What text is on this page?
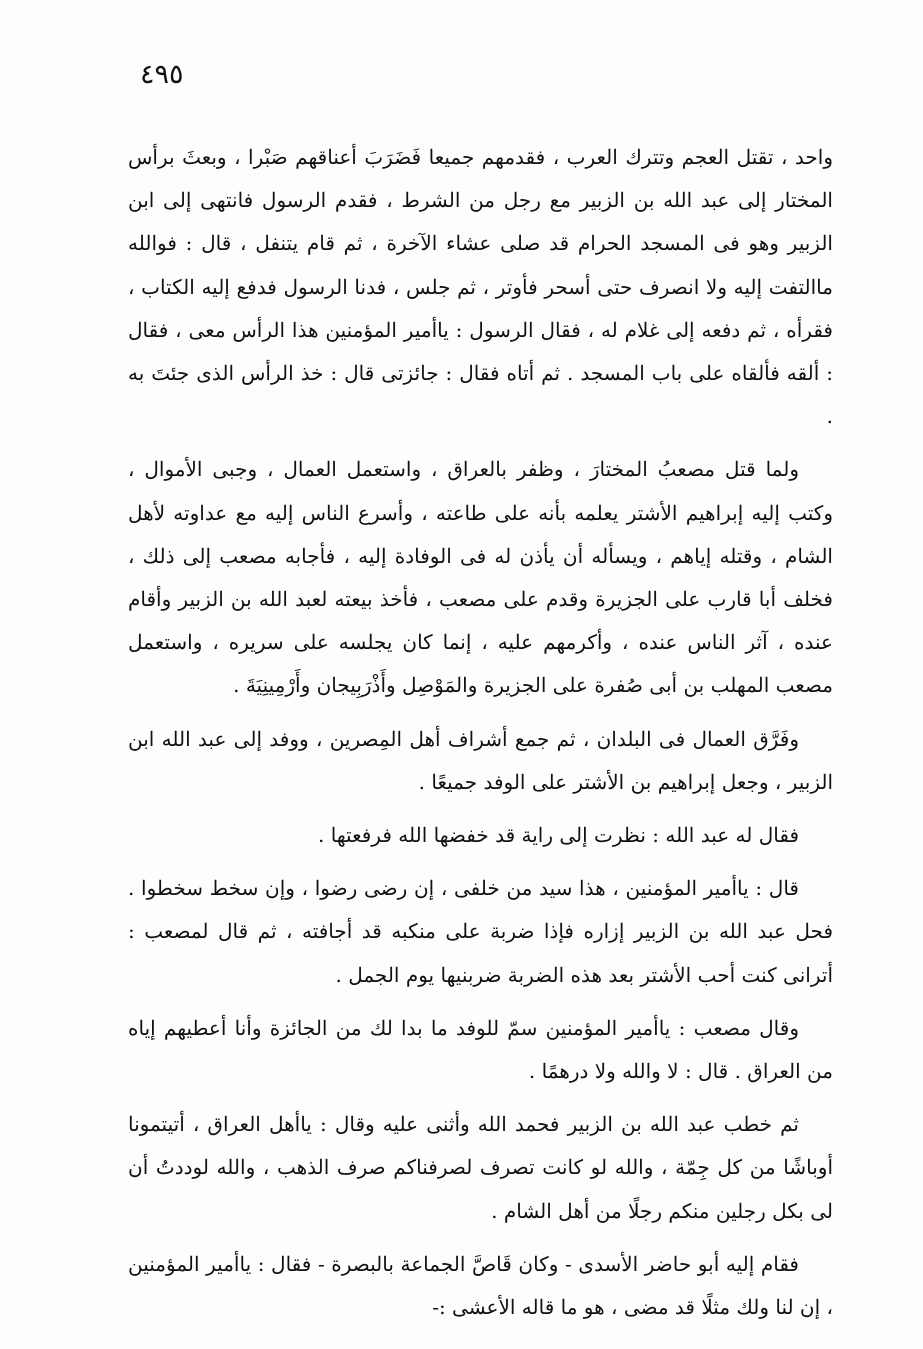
٤٩٥

واحد ، تقتل العجم وتترك العرب ، فقدمهم جميعا فَضَرَبَ أعناقهم صَبْرا ، وبعثَ برأس المختار إلى عبد الله بن الزبير مع رجل من الشرط ، فقدم الرسول فانتهى إلى ابن الزبير وهو فى المسجد الحرام قد صلى عشاء الآخرة ، ثم قام يتنفل ، قال : فوالله ماالتفت إليه ولا انصرف حتى أسحر فأوتر ، ثم جلس ، فدنا الرسول فدفع إليه الكتاب ، فقرأه ، ثم دفعه إلى غلام له ، فقال الرسول : ياأمير المؤمنين هذا الرأس معى ، فقال : ألقه فألقاه على باب المسجد . ثم أتاه فقال : جائزتى قال : خذ الرأس الذى جئتَ به .

ولما قتل مصعبُ المختارَ ، وظفر بالعراق ، واستعمل العمال ، وجبى الأموال ، وكتب إليه إبراهيم الأشتر يعلمه بأنه على طاعته ، وأسرع الناس إليه مع عداوته لأهل الشام ، وقتله إياهم ، ويسأله أن يأذن له فى الوفادة إليه ، فأجابه مصعب إلى ذلك ، فخلف أبا قارب على الجزيرة وقدم على مصعب ، فأخذ بيعته لعبد الله بن الزبير وأقام عنده ، آثر الناس عنده ، وأكرمهم عليه ، إنما كان يجلسه على سريره ، واستعمل مصعب المهلب بن أبى صُفرة على الجزيرة والمَوْصِل وأَذْرَبِيجان وأَرْمِينِيَةَ .

وفَرَّق العمال فى البلدان ، ثم جمع أشراف أهل المِصرين ، ووفد إلى عبد الله ابن الزبير ، وجعل إبراهيم بن الأشتر على الوفد جميعًا .

فقال له عبد الله : نظرت إلى راية قد خفضها الله فرفعتها .

قال : ياأمير المؤمنين ، هذا سيد من خلفى ، إن رضى رضوا ، وإن سخط سخطوا . فحل عبد الله بن الزبير إزاره فإذا ضربة على منكبه قد أجافته ، ثم قال لمصعب : أترانى كنت أحب الأشتر بعد هذه الضربة ضربنيها يوم الجمل .

وقال مصعب : ياأمير المؤمنين سمّ للوفد ما بدا لك من الجائزة وأنا أعطيهم إياه من العراق . قال : لا والله ولا درهمًا .

ثم خطب عبد الله بن الزبير فحمد الله وأثنى عليه وقال : ياأهل العراق ، أتيتمونا أوباشًا من كل جِمّة ، والله لو كانت تصرف لصرفناكم صرف الذهب ، والله لوددتُ أن لى بكل رجلين منكم رجلًا من أهل الشام .

فقام إليه أبو حاضر الأسدى - وكان قَاصَّ الجماعة بالبصرة - فقال : ياأمير المؤمنين ، إن لنا ولك مثلًا قد مضى ، هو ما قاله الأعشى :-
